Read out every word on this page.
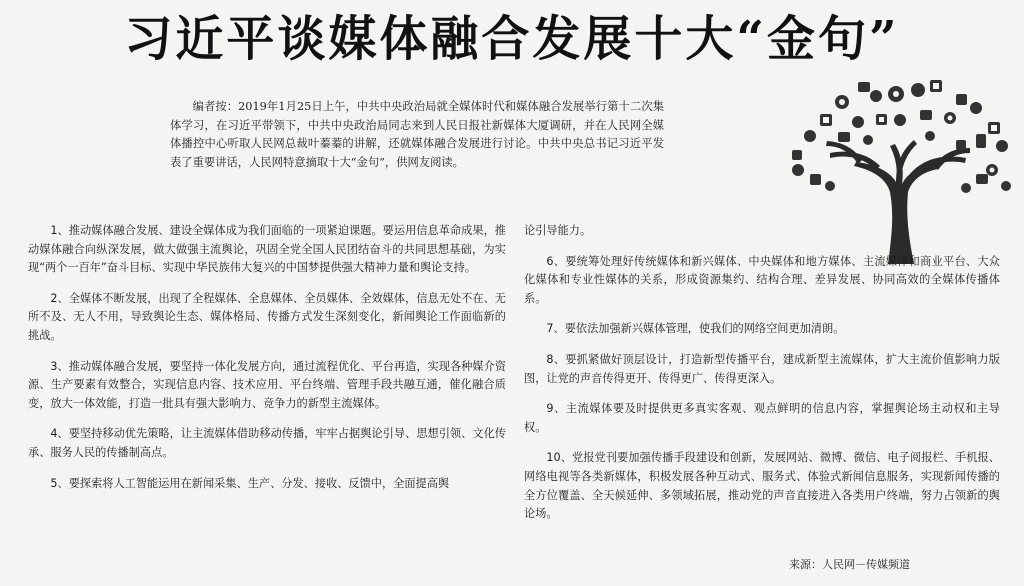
习近平谈媒体融合发展十大“金句”
编者按：2019年1月25日上午，中共中央政治局就全媒体时代和媒体融合发展举行第十二次集体学习，在习近平带领下，中共中央政治局同志来到人民日报社新媒体大厦调研，并在人民网全媒体播控中心听取人民网总裁叶蓁蓁的讲解，还就媒体融合发展进行讨论。中共中央总书记习近平发表了重要讲话，人民网特意摘取十大“金句”，供网友阅读。

1、推动媒体融合发展、建设全媒体成为我们面临的一项紧迫课题。要运用信息革命成果，推动媒体融合向纵深发展，做大做强主流舆论，巩固全党全国人民团结奋斗的共同思想基础，为实现“两个一百年”奋斗目标、实现中华民族伟大复兴的中国梦提供强大精神力量和舆论支持。

2、全媒体不断发展，出现了全程媒体、全息媒体、全员媒体、全效媒体，信息无处不在、无所不及、无人不用，导致舆论生态、媒体格局、传播方式发生深刻变化，新闻舆论工作面临新的挑战。

3、推动媒体融合发展，要坚持一体化发展方向，通过流程优化、平台再造，实现各种媒介资源、生产要素有效整合，实现信息内容、技术应用、平台终端、管理手段共融互通，催化融合质变，放大一体效能，打造一批具有强大影响力、竞争力的新型主流媒体。

4、要坚持移动优先策略，让主流媒体借助移动传播，牢牢占据舆论引导、思想引领、文化传承、服务人民的传播制高点。

5、要探索将人工智能运用在新闻采集、生产、分发、接收、反馈中，全面提高舆

论引导能力。

6、要统筹处理好传统媒体和新兴媒体、中央媒体和地方媒体、主流媒体和商业平台、大众化媒体和专业性媒体的关系，形成资源集约、结构合理、差异发展、协同高效的全媒体传播体系。

7、要依法加强新兴媒体管理，使我们的网络空间更加清朗。

8、要抓紧做好顶层设计，打造新型传播平台，建成新型主流媒体，扩大主流价值影响力版图，让党的声音传得更开、传得更广、传得更深入。

9、主流媒体要及时提供更多真实客观、观点鲜明的信息内容，掌握舆论场主动权和主导权。

10、党报党刊要加强传播手段建设和创新，发展网站、微博、微信、电子阅报栏、手机报、网络电视等各类新媒体，积极发展各种互动式、服务式、体验式新闻信息服务，实现新闻传播的全方位覆盖、全天候延伸、多领域拓展，推动党的声音直接进入各类用户终端，努力占领新的舆论场。

来源：人民网－传媒频道
